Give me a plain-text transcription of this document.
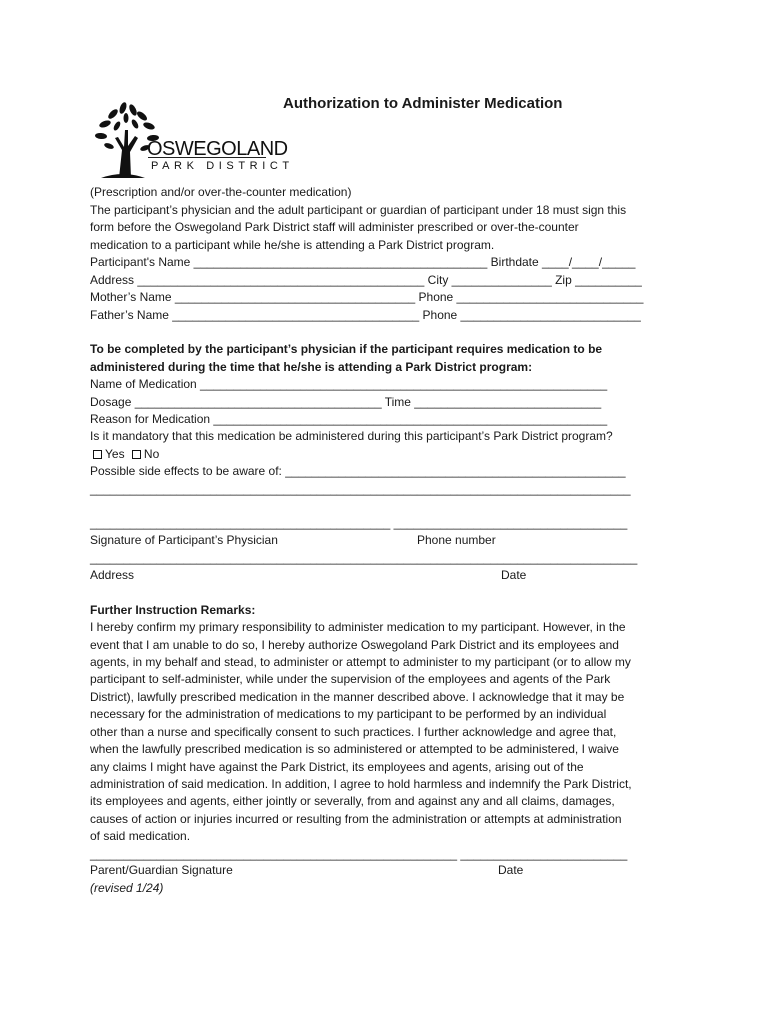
OSWEGOLAND
PARK DISTRICT
Authorization to Administer Medication
(Prescription and/or over-the-counter medication)
The participant’s physician and the adult participant or guardian of participant under 18 must sign this
form before the Oswegoland Park District staff will administer prescribed or over-the-counter
medication to a participant while he/she is attending a Park District program.
Participant's Name ____________________________________________ Birthdate ____/____/_____
Address ___________________________________________ City _______________ Zip __________
Mother’s Name ____________________________________ Phone ____________________________
Father’s Name _____________________________________ Phone ___________________________
To be completed by the participant’s physician if the participant requires medication to be
administered during the time that he/she is attending a Park District program:
Name of Medication _____________________________________________________________
Dosage _____________________________________ Time ____________________________
Reason for Medication ___________________________________________________________
Is it mandatory that this medication be administered during this participant’s Park District program?
Yes No
Possible side effects to be aware of: ___________________________________________________
_________________________________________________________________________________
_____________________________________________ ___________________________________
Signature of Participant’s Physician	Phone number
__________________________________________________________________________________
Address	Date
Further Instruction Remarks:
I hereby confirm my primary responsibility to administer medication to my participant. However, in the
event that I am unable to do so, I hereby authorize Oswegoland Park District and its employees and
agents, in my behalf and stead, to administer or attempt to administer to my participant (or to allow my
participant to self-administer, while under the supervision of the employees and agents of the Park
District), lawfully prescribed medication in the manner described above. I acknowledge that it may be
necessary for the administration of medications to my participant to be performed by an individual
other than a nurse and specifically consent to such practices. I further acknowledge and agree that,
when the lawfully prescribed medication is so administered or attempted to be administered, I waive
any claims I might have against the Park District, its employees and agents, arising out of the
administration of said medication. In addition, I agree to hold harmless and indemnify the Park District,
its employees and agents, either jointly or severally, from and against any and all claims, damages,
causes of action or injuries incurred or resulting from the administration or attempts at administration
of said medication.
_______________________________________________________ _________________________
Parent/Guardian Signature	Date
(revised 1/24)
